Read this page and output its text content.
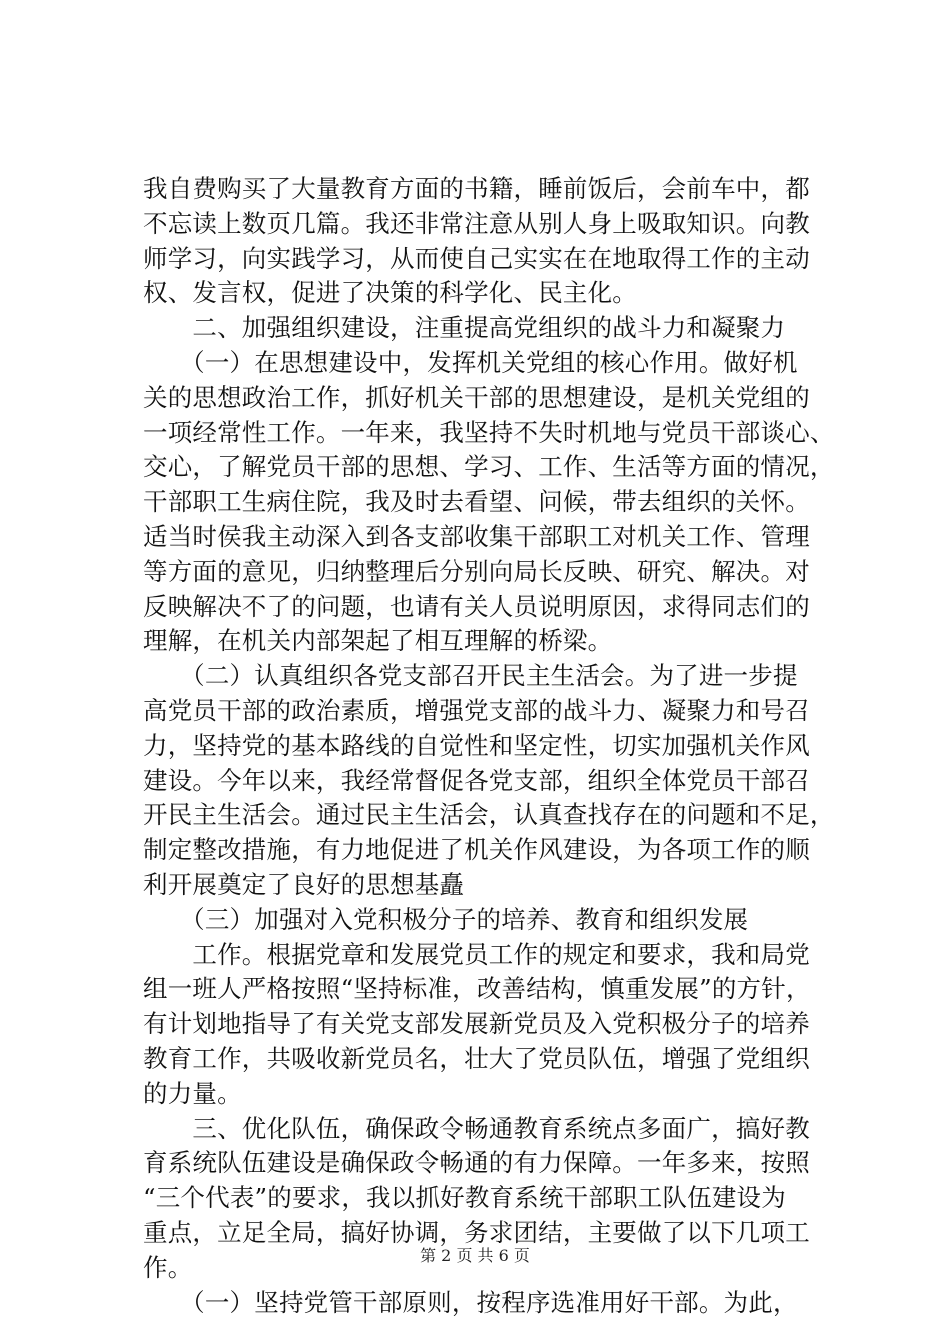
我自费购买了大量教育方面的书籍，睡前饭后，会前车中，都
不忘读上数页几篇。我还非常注意从别人身上吸取知识。向教
师学习，向实践学习，从而使自己实实在在地取得工作的主动
权、发言权，促进了决策的科学化、民主化。
　　二、加强组织建设，注重提高党组织的战斗力和凝聚力
　　（一）在思想建设中，发挥机关党组的核心作用。做好机
关的思想政治工作，抓好机关干部的思想建设，是机关党组的
一项经常性工作。一年来，我坚持不失时机地与党员干部谈心、
交心，了解党员干部的思想、学习、工作、生活等方面的情况，
干部职工生病住院，我及时去看望、问候，带去组织的关怀。
适当时侯我主动深入到各支部收集干部职工对机关工作、管理
等方面的意见，归纳整理后分别向局长反映、研究、解决。对
反映解决不了的问题，也请有关人员说明原因，求得同志们的
理解，在机关内部架起了相互理解的桥梁。
　　（二）认真组织各党支部召开民主生活会。为了进一步提
高党员干部的政治素质，增强党支部的战斗力、凝聚力和号召
力，坚持党的基本路线的自觉性和坚定性，切实加强机关作风
建设。今年以来，我经常督促各党支部，组织全体党员干部召
开民主生活会。通过民主生活会，认真查找存在的问题和不足，
制定整改措施，有力地促进了机关作风建设，为各项工作的顺
利开展奠定了良好的思想基矗
　　（三）加强对入党积极分子的培养、教育和组织发展
　　工作。根据党章和发展党员工作的规定和要求，我和局党
组一班人严格按照“坚持标准，改善结构，慎重发展”的方针，
有计划地指导了有关党支部发展新党员及入党积极分子的培养
教育工作，共吸收新党员名，壮大了党员队伍，增强了党组织
的力量。
　　三、优化队伍，确保政令畅通教育系统点多面广，搞好教
育系统队伍建设是确保政令畅通的有力保障。一年多来，按照
“三个代表”的要求，我以抓好教育系统干部职工队伍建设为
重点，立足全局，搞好协调，务求团结，主要做了以下几项工
作。
　　（一）坚持党管干部原则，按程序选准用好干部。为此，
第 2 页 共 6 页
